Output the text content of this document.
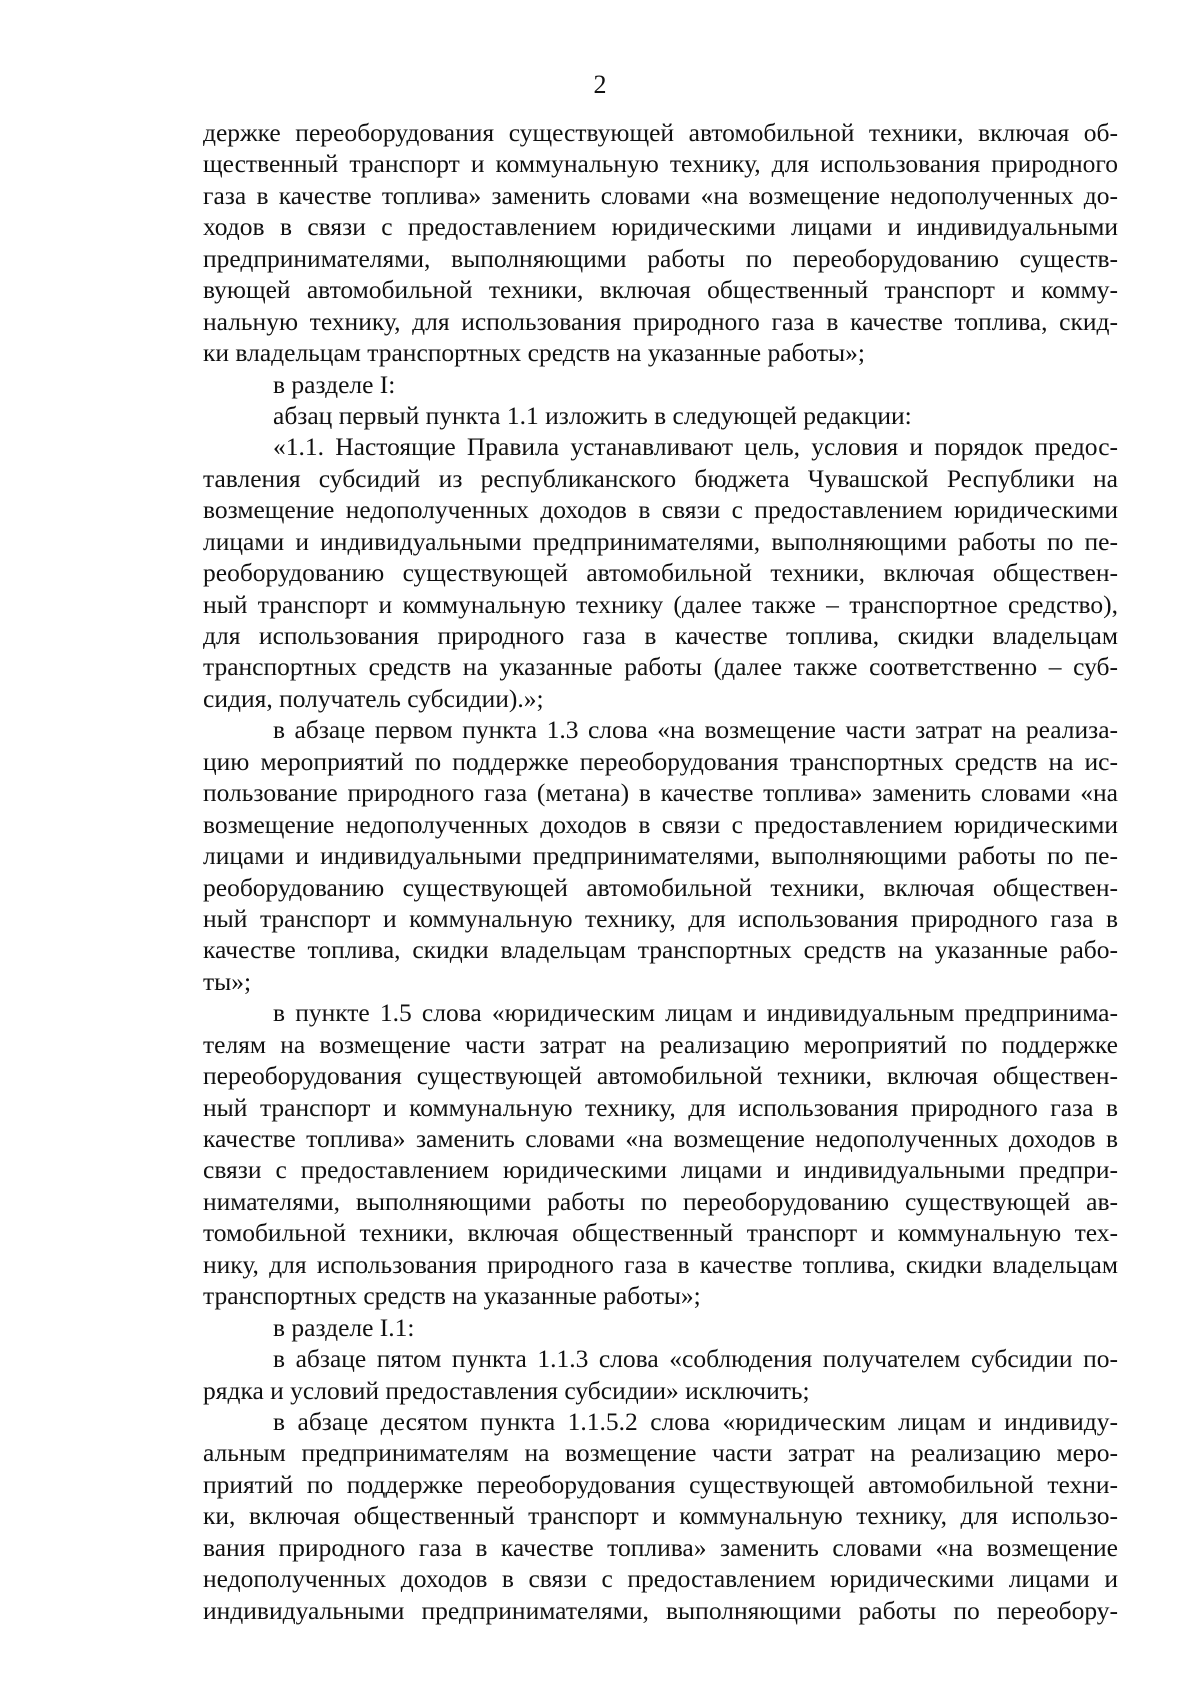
2
держке переоборудования существующей автомобильной техники, включая об-
щественный транспорт и коммунальную технику, для использования природного
газа в качестве топлива» заменить словами «на возмещение недополученных до-
ходов в связи с предоставлением юридическими лицами и индивидуальными
предпринимателями, выполняющими работы по переоборудованию существ-
вующей автомобильной техники, включая общественный транспорт и комму-
нальную технику, для использования природного газа в качестве топлива, скид-
ки владельцам транспортных средств на указанные работы»;
в разделе I:
абзац первый пункта 1.1 изложить в следующей редакции:
«1.1. Настоящие Правила устанавливают цель, условия и порядок предос-
тавления субсидий из республиканского бюджета Чувашской Республики на
возмещение недополученных доходов в связи с предоставлением юридическими
лицами и индивидуальными предпринимателями, выполняющими работы по пе-
реоборудованию существующей автомобильной техники, включая обществен-
ный транспорт и коммунальную технику (далее также – транспортное средство),
для использования природного газа в качестве топлива, скидки владельцам
транспортных средств на указанные работы (далее также соответственно – суб-
сидия, получатель субсидии).»;
в абзаце первом пункта 1.3 слова «на возмещение части затрат на реализа-
цию мероприятий по поддержке переоборудования транспортных средств на ис-
пользование природного газа (метана) в качестве топлива» заменить словами «на
возмещение недополученных доходов в связи с предоставлением юридическими
лицами и индивидуальными предпринимателями, выполняющими работы по пе-
реоборудованию существующей автомобильной техники, включая обществен-
ный транспорт и коммунальную технику, для использования природного газа в
качестве топлива, скидки владельцам транспортных средств на указанные рабо-
ты»;
в пункте 1.5 слова «юридическим лицам и индивидуальным предпринима-
телям на возмещение части затрат на реализацию мероприятий по поддержке
переоборудования существующей автомобильной техники, включая обществен-
ный транспорт и коммунальную технику, для использования природного газа в
качестве топлива» заменить словами «на возмещение недополученных доходов в
связи с предоставлением юридическими лицами и индивидуальными предпри-
нимателями, выполняющими работы по переоборудованию существующей ав-
томобильной техники, включая общественный транспорт и коммунальную тех-
нику, для использования природного газа в качестве топлива, скидки владельцам
транспортных средств на указанные работы»;
в разделе I.1:
в абзаце пятом пункта 1.1.3 слова «соблюдения получателем субсидии по-
рядка и условий предоставления субсидии» исключить;
в абзаце десятом пункта 1.1.5.2 слова «юридическим лицам и индивиду-
альным предпринимателям на возмещение части затрат на реализацию меро-
приятий по поддержке переоборудования существующей автомобильной техни-
ки, включая общественный транспорт и коммунальную технику, для использо-
вания природного газа в качестве топлива» заменить словами «на возмещение
недополученных доходов в связи с предоставлением юридическими лицами и
индивидуальными предпринимателями, выполняющими работы по переобору-
